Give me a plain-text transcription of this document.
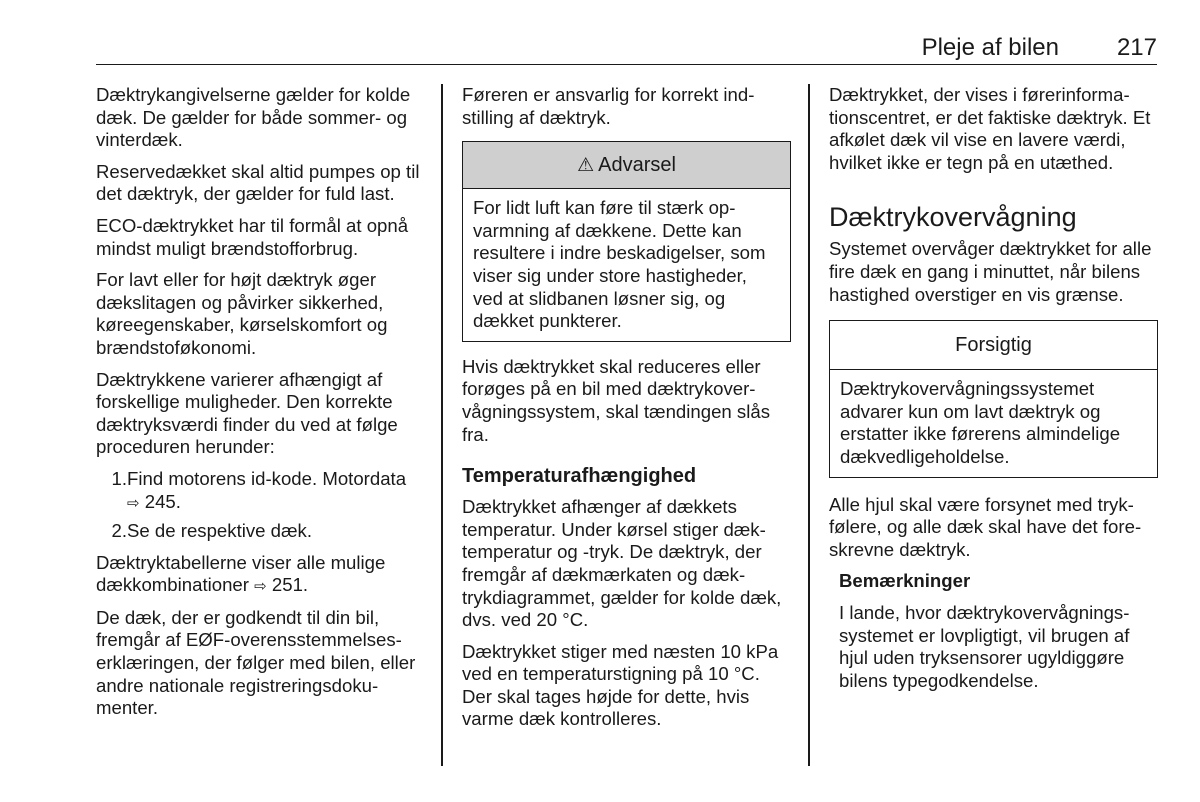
Pleje af bilen 217

Dæktrykangivelserne gælder for kolde dæk. De gælder for både sommer- og vinterdæk.

Reservedækket skal altid pumpes op til det dæktryk, der gælder for fuld last.

ECO-dæktrykket har til formål at opnå mindst muligt brændstofforbrug.

For lavt eller for højt dæktryk øger dækslitagen og påvirker sikkerhed, køreegenskaber, kørselskomfort og brændstoføkonomi.

Dæktrykkene varierer afhængigt af forskellige muligheder. Den korrekte dæktryksværdi finder du ved at følge proceduren herunder:

1. Find motorens id-kode. Motordata
⇨ 245.
2. Se de respektive dæk.

Dæktryktabellerne viser alle mulige dækkombinationer ⇨ 251.

De dæk, der er godkendt til din bil, fremgår af EØF-overensstemmelseserklæringen, der følger med bilen, eller andre nationale registreringsdokumenter.

Føreren er ansvarlig for korrekt indstilling af dæktryk.

⚠ Advarsel
For lidt luft kan føre til stærk opvarmning af dækkene. Dette kan resultere i indre beskadigelser, som viser sig under store hastigheder, ved at slidbanen løsner sig, og dækket punkterer.

Hvis dæktrykket skal reduceres eller forøges på en bil med dæktrykovervågningssystem, skal tændingen slås fra.

Temperaturafhængighed

Dæktrykket afhænger af dækkets temperatur. Under kørsel stiger dæktemperatur og -tryk. De dæktryk, der fremgår af dækmærkaten og dæktrykdiagrammet, gælder for kolde dæk, dvs. ved 20 °C.

Dæktrykket stiger med næsten 10 kPa ved en temperaturstigning på 10 °C. Der skal tages højde for dette, hvis varme dæk kontrolleres.

Dæktrykket, der vises i førerinformationscentret, er det faktiske dæktryk. Et afkølet dæk vil vise en lavere værdi, hvilket ikke er tegn på en utæthed.

Dæktrykovervågning

Systemet overvåger dæktrykket for alle fire dæk en gang i minuttet, når bilens hastighed overstiger en vis grænse.

Forsigtig
Dæktrykovervågningssystemet advarer kun om lavt dæktryk og erstatter ikke førerens almindelige dækvedligeholdelse.

Alle hjul skal være forsynet med trykfølere, og alle dæk skal have det foreskrevne dæktryk.

Bemærkninger

I lande, hvor dæktrykovervågningssystemet er lovpligtigt, vil brugen af hjul uden tryksensorer ugyldiggøre bilens typegodkendelse.
